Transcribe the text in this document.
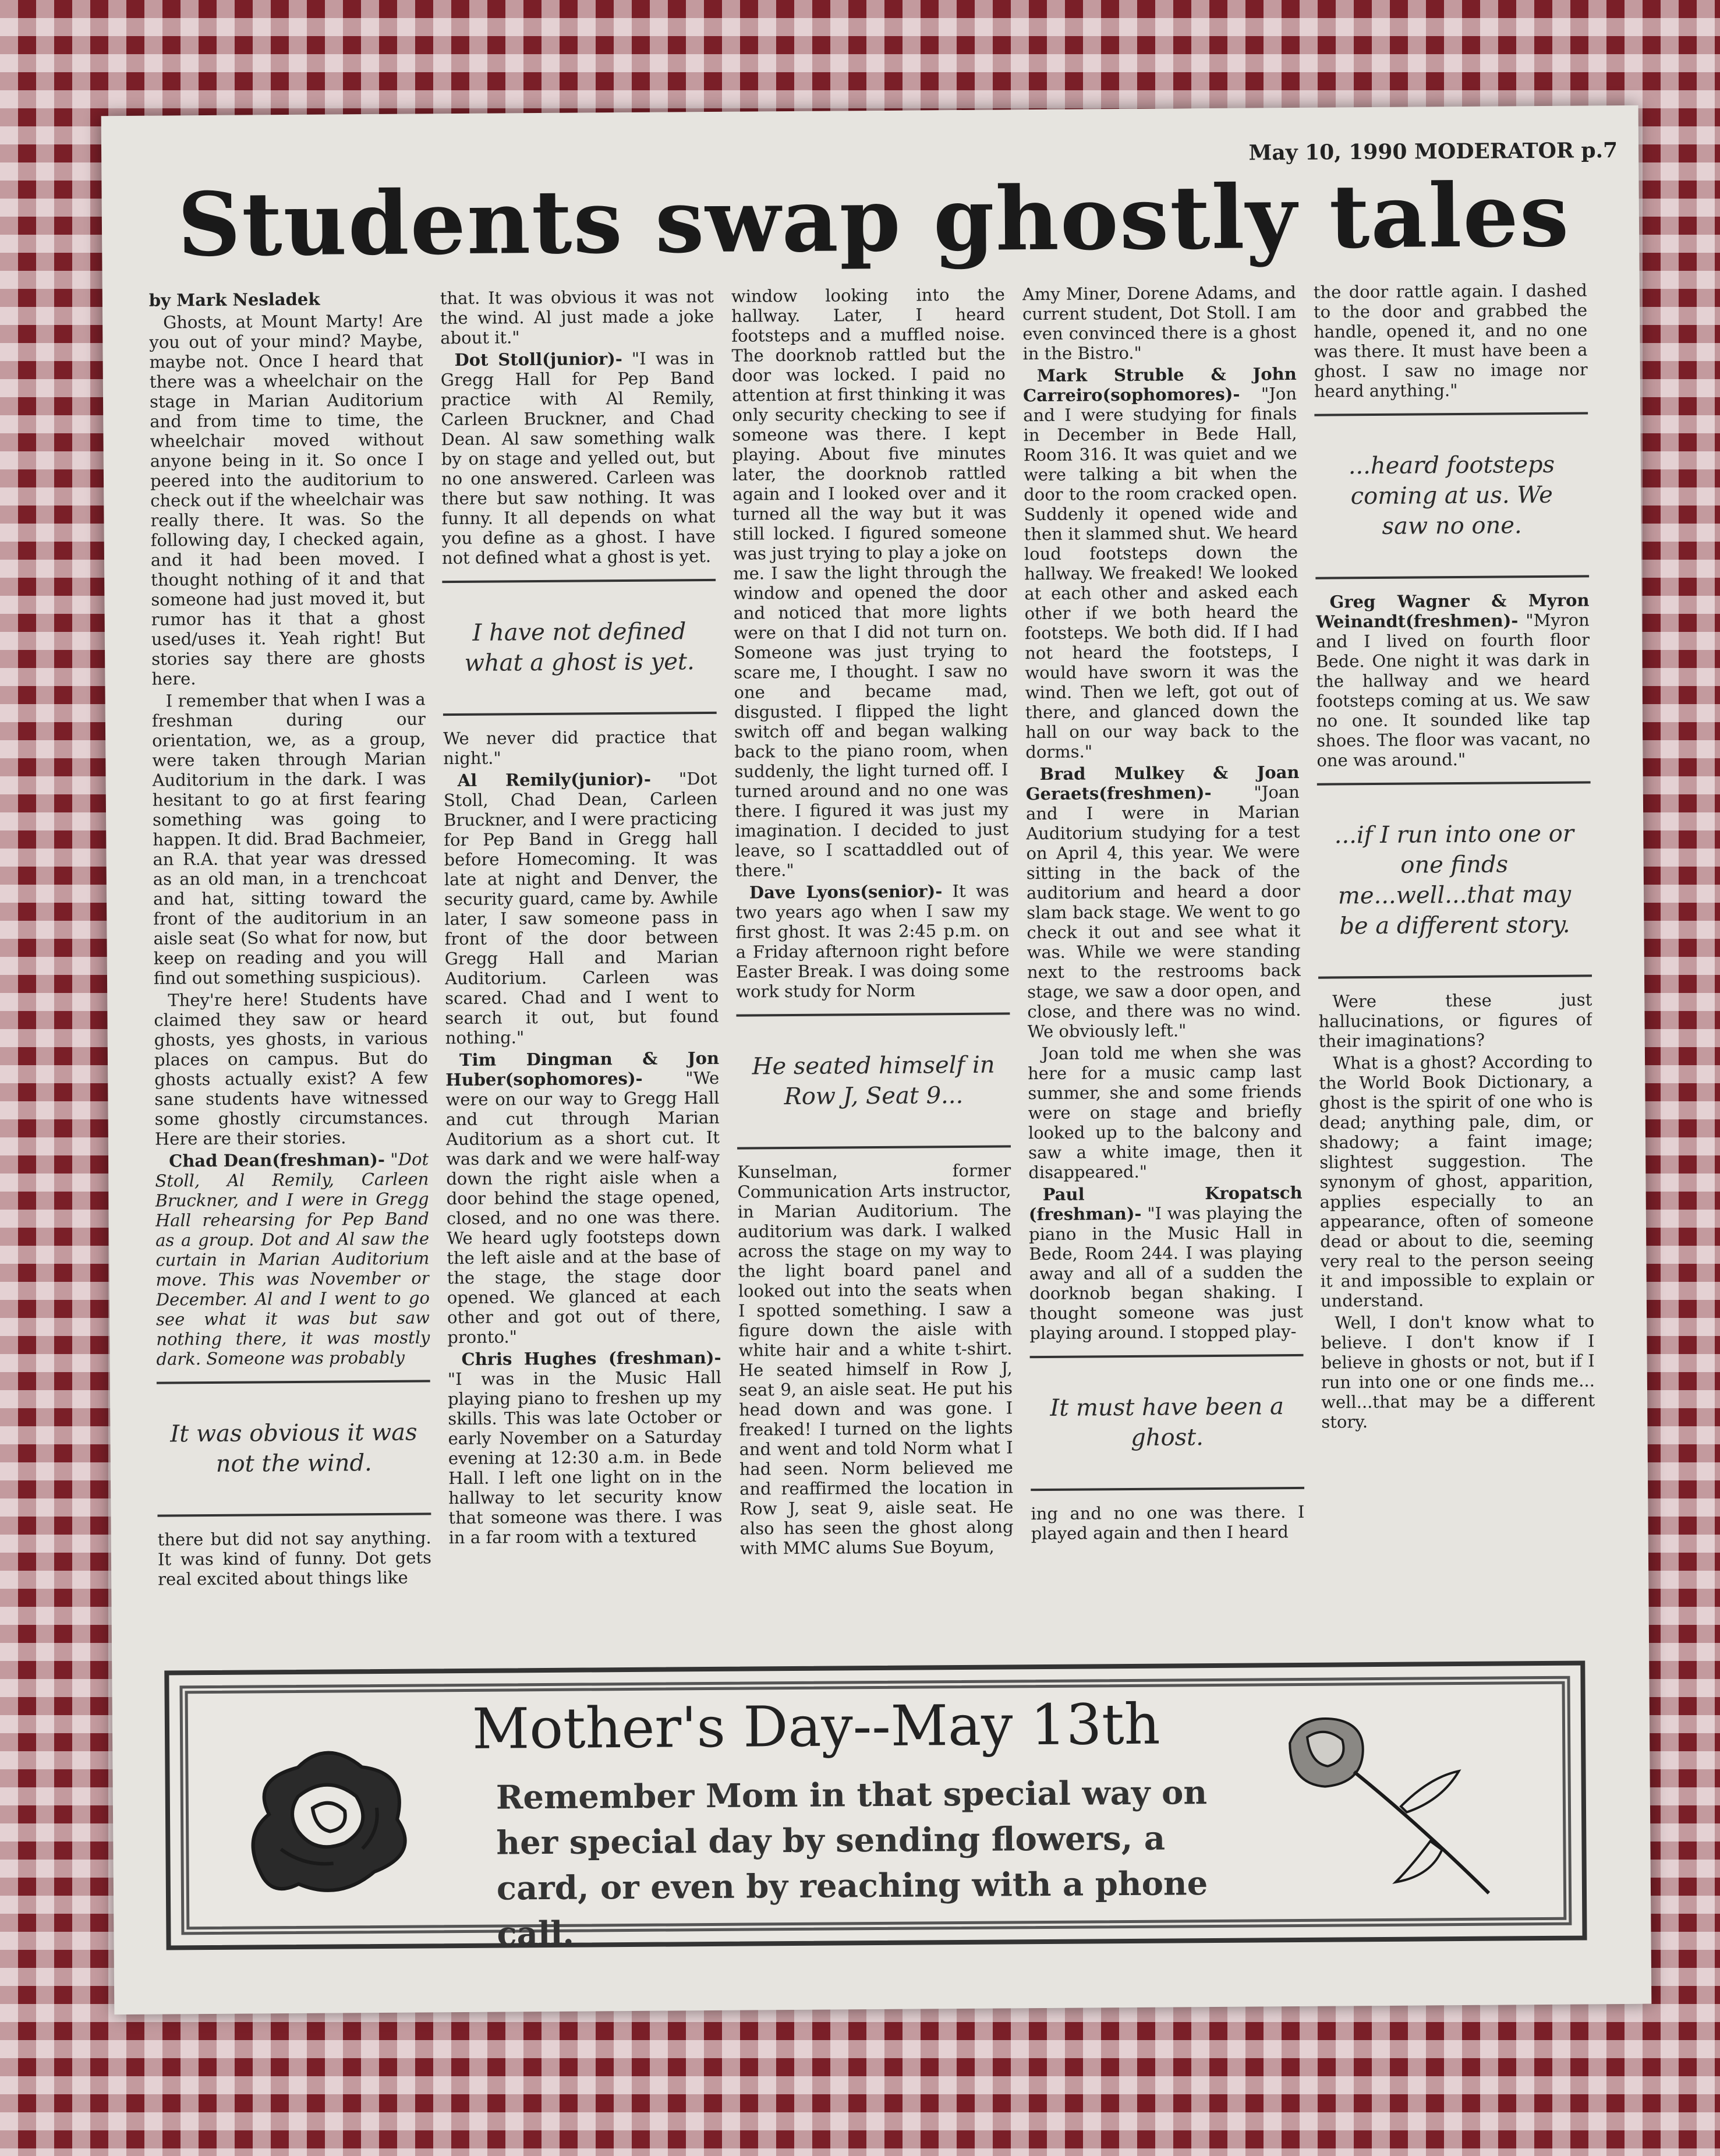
May 10, 1990 MODERATOR p.7
Students swap ghostly tales

by Mark Nesladek

Ghosts, at Mount Marty! Are you out of your mind? Maybe, maybe not. Once I heard that there was a wheelchair on the stage in Marian Auditorium and from time to time, the wheelchair moved without anyone being in it. So once I peered into the auditorium to check out if the wheelchair was really there. It was. So the following day, I checked again, and it had been moved. I thought nothing of it and that someone had just moved it, but rumor has it that a ghost used/uses it. Yeah right! But stories say there are ghosts here.

I remember that when I was a freshman during our orientation, we, as a group, were taken through Marian Auditorium in the dark. I was hesitant to go at first fearing something was going to happen. It did. Brad Bachmeier, an R.A. that year was dressed as an old man, in a trenchcoat and hat, sitting toward the front of the auditorium in an aisle seat (So what for now, but keep on reading and you will find out something suspicious).

They're here! Students have claimed they saw or heard ghosts, yes ghosts, in various places on campus. But do ghosts actually exist? A few sane students have witnessed some ghostly circumstances. Here are their stories.

Chad Dean(freshman)- "Dot Stoll, Al Remily, Carleen Bruckner, and I were in Gregg Hall rehearsing for Pep Band as a group. Dot and Al saw the curtain in Marian Auditorium move. This was November or December. Al and I went to go see what it was but saw nothing there, it was mostly dark. Someone was probably

It was obvious it was not the wind.

there but did not say anything. It was kind of funny. Dot gets real excited about things like

that. It was obvious it was not the wind. Al just made a joke about it."

Dot Stoll(junior)- "I was in Gregg Hall for Pep Band practice with Al Remily, Carleen Bruckner, and Chad Dean. Al saw something walk by on stage and yelled out, but no one answered. Carleen was there but saw nothing. It was funny. It all depends on what you define as a ghost. I have not defined what a ghost is yet.

I have not defined what a ghost is yet.

We never did practice that night."

Al Remily(junior)- "Dot Stoll, Chad Dean, Carleen Bruckner, and I were practicing for Pep Band in Gregg hall before Homecoming. It was late at night and Denver, the security guard, came by. Awhile later, I saw someone pass in front of the door between Gregg Hall and Marian Auditorium. Carleen was scared. Chad and I went to search it out, but found nothing."

Tim Dingman & Jon Huber(sophomores)-	"We were on our way to Gregg Hall and cut through Marian Auditorium as a short cut. It was dark and we were half-way down the right aisle when a door behind the stage opened, closed, and no one was there. We heard ugly footsteps down the left aisle and at the base of the stage, the stage door opened. We glanced at each other and got out of there, pronto."

Chris Hughes (freshman)- "I was in the Music Hall playing piano to freshen up my skills. This was late October or early November on a Saturday evening at 12:30 a.m. in Bede Hall. I left one light on in the hallway to let security know that someone was there. I was in a far room with a textured

window looking into the hallway. Later, I heard footsteps and a muffled noise. The doorknob rattled but the door was locked. I paid no attention at first thinking it was only security checking to see if someone was there. I kept playing. About five minutes later, the doorknob rattled again and I looked over and it turned all the way but it was still locked. I figured someone was just trying to play a joke on me. I saw the light through the window and opened the door and noticed that more lights were on that I did not turn on. Someone was just trying to scare me, I thought. I saw no one and became mad, disgusted. I flipped the light switch off and began walking back to the piano room, when suddenly, the light turned off. I turned around and no one was there. I figured it was just my imagination. I decided to just leave, so I scattaddled out of there."

Dave Lyons(senior)- It was two years ago when I saw my first ghost. It was 2:45 p.m. on a Friday afternoon right before Easter Break. I was doing some work study for Norm

He seated himself in Row J, Seat 9...

Kunselman, former Communication Arts instructor, in Marian Auditorium. The auditorium was dark. I walked across the stage on my way to the light board panel and looked out into the seats when I spotted something. I saw a figure down the aisle with white hair and a white t-shirt. He seated himself in Row J, seat 9, an aisle seat. He put his head down and was gone. I freaked! I turned on the lights and went and told Norm what I had seen. Norm believed me and reaffirmed the location in Row J, seat 9, aisle seat. He also has seen the ghost along with MMC alums Sue Boyum,

Amy Miner, Dorene Adams, and current student, Dot Stoll. I am even convinced there is a ghost in the Bistro."

Mark Struble & John Carreiro(sophomores)- "Jon and I were studying for finals in December in Bede Hall, Room 316. It was quiet and we were talking a bit when the door to the room cracked open. Suddenly it opened wide and then it slammed shut. We heard loud footsteps down the hallway. We freaked! We looked at each other and asked each other if we both heard the footsteps. We both did. If I had not heard the footsteps, I would have sworn it was the wind. Then we left, got out of there, and glanced down the hall on our way back to the dorms."

Brad Mulkey & Joan Geraets(freshmen)-	"Joan and I were in Marian Auditorium studying for a test on April 4, this year. We were sitting in the back of the auditorium and heard a door slam back stage. We went to go check it out and see what it was. While we were standing next to the restrooms back stage, we saw a door open, and close, and there was no wind. We obviously left."

Joan told me when she was here for a music camp last summer, she and some friends were on stage and briefly looked up to the balcony and saw a white image, then it disappeared."

Paul Kropatsch (freshman)- "I was playing the piano in the Music Hall in Bede, Room 244. I was playing away and all of a sudden the doorknob began shaking. I thought someone was just playing around. I stopped play-

It must have been a ghost.

ing and no one was there. I played again and then I heard

the door rattle again. I dashed to the door and grabbed the handle, opened it, and no one was there. It must have been a ghost. I saw no image nor heard anything."

...heard footsteps coming at us. We saw no one.

Greg Wagner & Myron Weinandt(freshmen)- "Myron and I lived on fourth floor Bede. One night it was dark in the hallway and we heard footsteps coming at us. We saw no one. It sounded like tap shoes. The floor was vacant, no one was around."

...if I run into one or one finds me...well...that may be a different story.

Were these just hallucinations, or figures of their imaginations?

What is a ghost? According to the World Book Dictionary, a ghost is the spirit of one who is dead; anything pale, dim, or shadowy; a faint image; slightest suggestion. The synonym of ghost, apparition, applies especially to an appearance, often of someone dead or about to die, seeming very real to the person seeing it and impossible to explain or understand.

Well, I don't know what to believe. I don't know if I believe in ghosts or not, but if I run into one or one finds me... well...that may be a different story.

Mother's Day--May 13th
Remember Mom in that special way on her special day by sending flowers, a card, or even by reaching with a phone call.
